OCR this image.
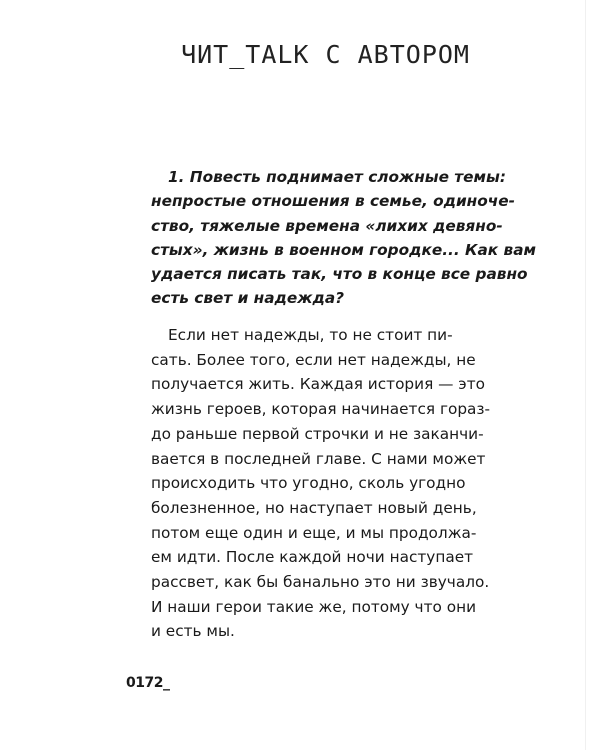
ЧИТ_TALK С АВТОРОМ
1. Повесть поднимает сложные темы:
непростые отношения в семье, одиноче-
ство, тяжелые времена «лихих девяно-
стых», жизнь в военном городке... Как вам
удается писать так, что в конце все равно
есть свет и надежда?
Если нет надежды, то не стоит пи-
сать. Более того, если нет надежды, не
получается жить. Каждая история — это
жизнь героев, которая начинается гораз-
до раньше первой строчки и не заканчи-
вается в последней главе. С нами может
происходить что угодно, сколь угодно
болезненное, но наступает новый день,
потом еще один и еще, и мы продолжа-
ем идти. После каждой ночи наступает
рассвет, как бы банально это ни звучало.
И наши герои такие же, потому что они
и есть мы.
0172_
